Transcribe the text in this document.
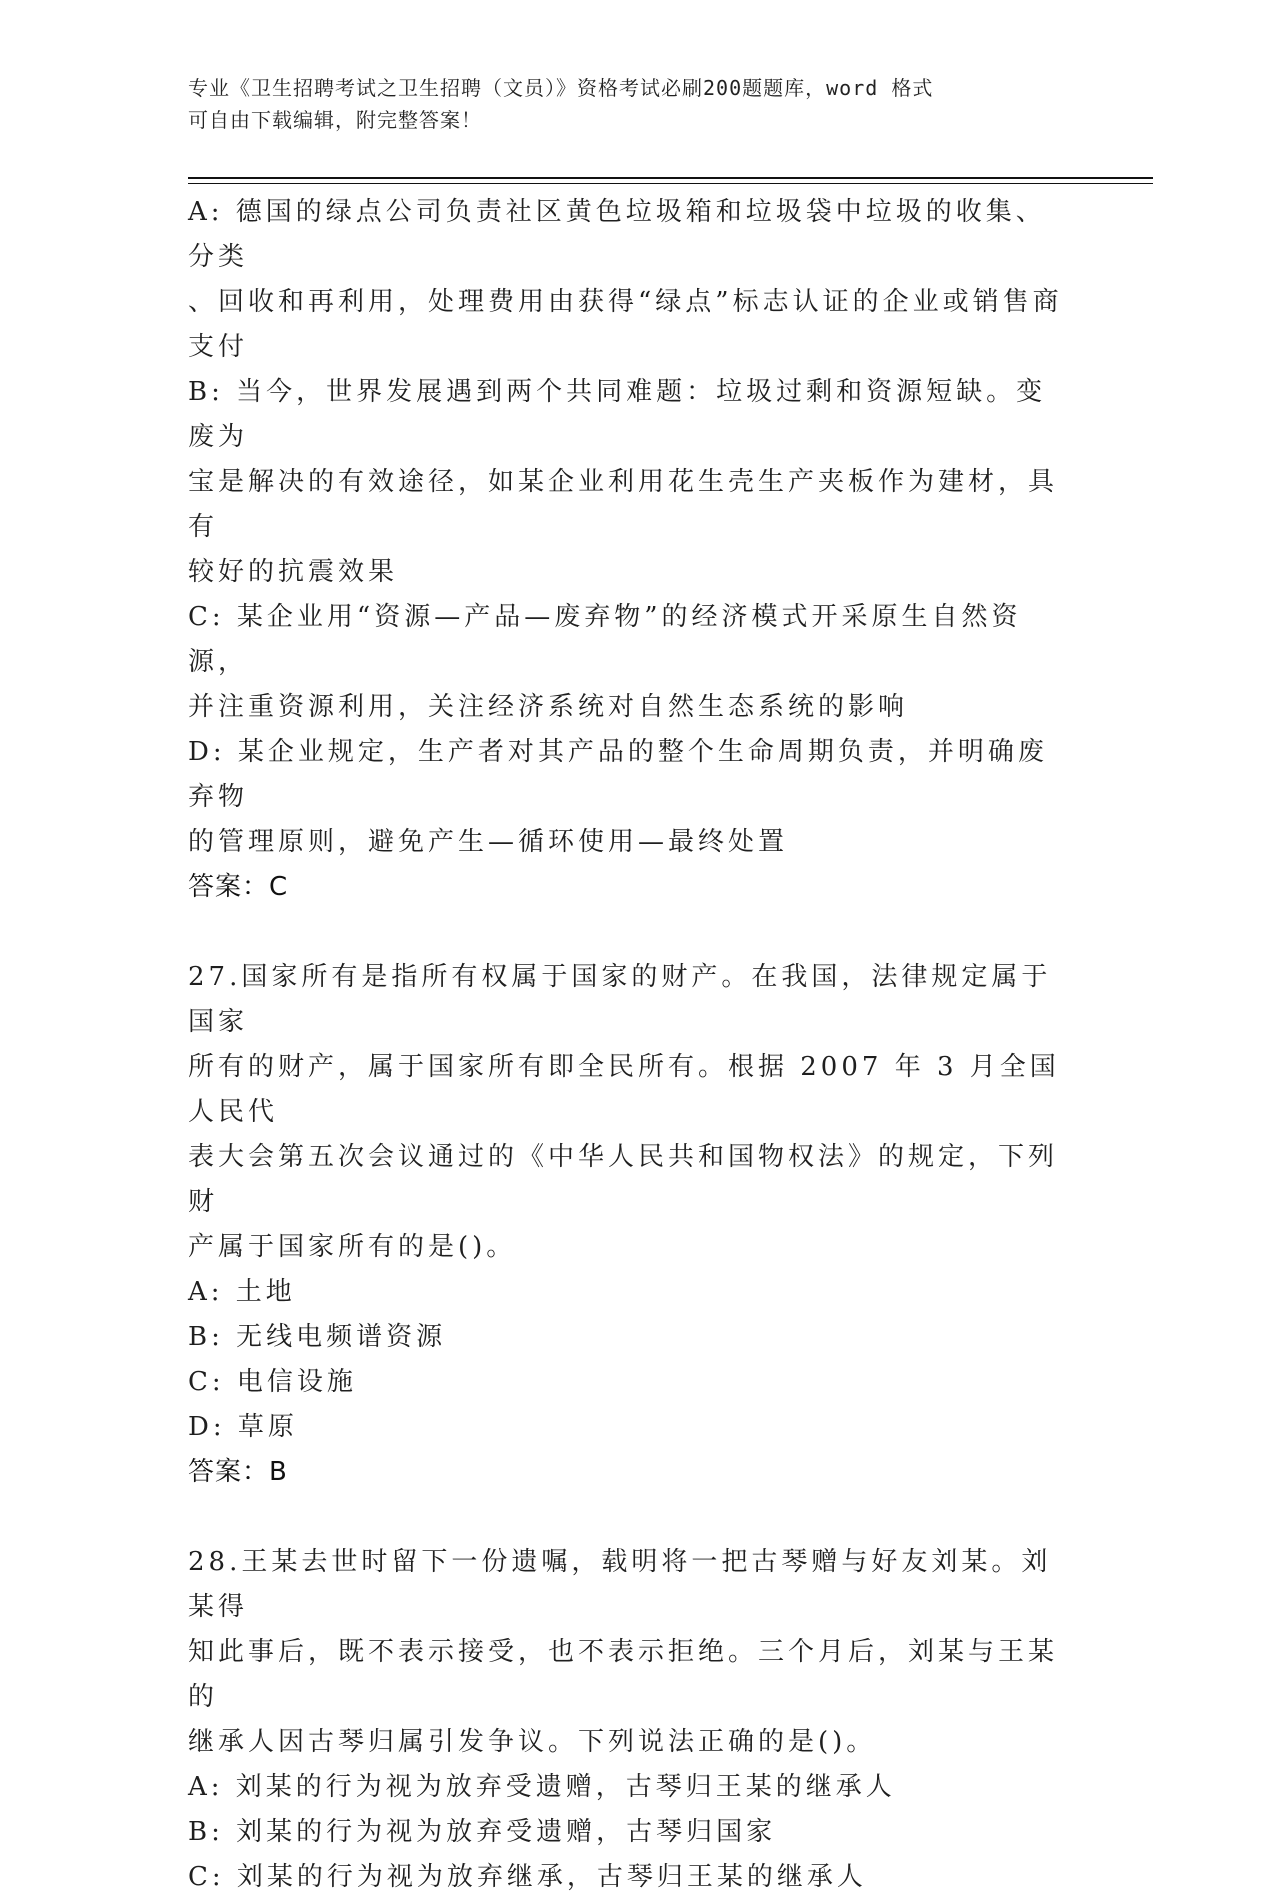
专业《卫生招聘考试之卫生招聘（文员）》资格考试必刷200题题库，word 格式
可自由下载编辑，附完整答案！

A: 德国的绿点公司负责社区黄色垃圾箱和垃圾袋中垃圾的收集、分类

、回收和再利用，处理费用由获得“绿点”标志认证的企业或销售商

支付

B: 当今，世界发展遇到两个共同难题：垃圾过剩和资源短缺。变废为

宝是解决的有效途径，如某企业利用花生壳生产夹板作为建材，具有

较好的抗震效果

C: 某企业用“资源—产品—废弃物”的经济模式开采原生自然资源，

并注重资源利用，关注经济系统对自然生态系统的影响

D: 某企业规定，生产者对其产品的整个生命周期负责，并明确废弃物

的管理原则，避免产生—循环使用—最终处置

答案：C

27.国家所有是指所有权属于国家的财产。在我国，法律规定属于国家

所有的财产，属于国家所有即全民所有。根据 2007 年 3 月全国人民代

表大会第五次会议通过的《中华人民共和国物权法》的规定，下列财

产属于国家所有的是()。

A: 土地

B: 无线电频谱资源

C: 电信设施

D: 草原

答案：B

28.王某去世时留下一份遗嘱，载明将一把古琴赠与好友刘某。刘某得

知此事后，既不表示接受，也不表示拒绝。三个月后，刘某与王某的

继承人因古琴归属引发争议。下列说法正确的是()。

A: 刘某的行为视为放弃受遗赠，古琴归王某的继承人

B: 刘某的行为视为放弃受遗赠，古琴归国家

C: 刘某的行为视为放弃继承，古琴归王某的继承人
